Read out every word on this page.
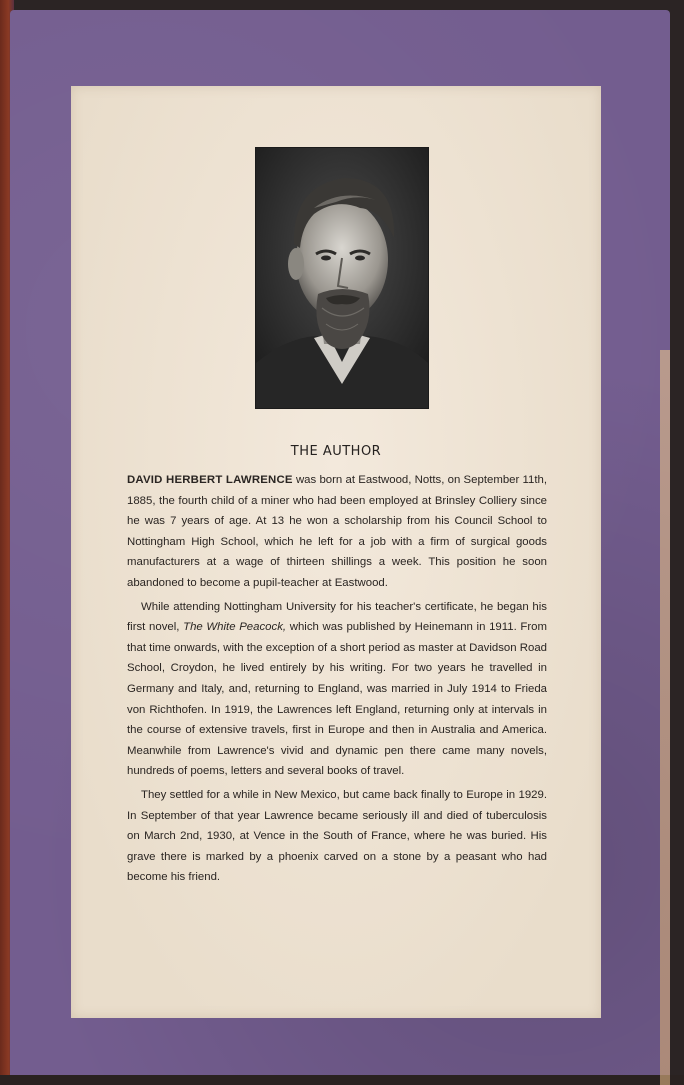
THE AUTHOR

DAVID HERBERT LAWRENCE was born at Eastwood, Notts, on September 11th, 1885, the fourth child of a miner who had been employed at Brinsley Colliery since he was 7 years of age. At 13 he won a scholarship from his Council School to Nottingham High School, which he left for a job with a firm of surgical goods manufacturers at a wage of thirteen shillings a week. This position he soon abandoned to become a pupil-teacher at Eastwood.

While attending Nottingham University for his teacher's certificate, he began his first novel, The White Peacock, which was published by Heinemann in 1911. From that time onwards, with the exception of a short period as master at Davidson Road School, Croydon, he lived entirely by his writing. For two years he travelled in Germany and Italy, and, returning to England, was married in July 1914 to Frieda von Richthofen. In 1919, the Lawrences left England, returning only at intervals in the course of extensive travels, first in Europe and then in Australia and America. Meanwhile from Lawrence's vivid and dynamic pen there came many novels, hundreds of poems, letters and several books of travel.

They settled for a while in New Mexico, but came back finally to Europe in 1929. In September of that year Lawrence became seriously ill and died of tuberculosis on March 2nd, 1930, at Vence in the South of France, where he was buried. His grave there is marked by a phoenix carved on a stone by a peasant who had become his friend.
